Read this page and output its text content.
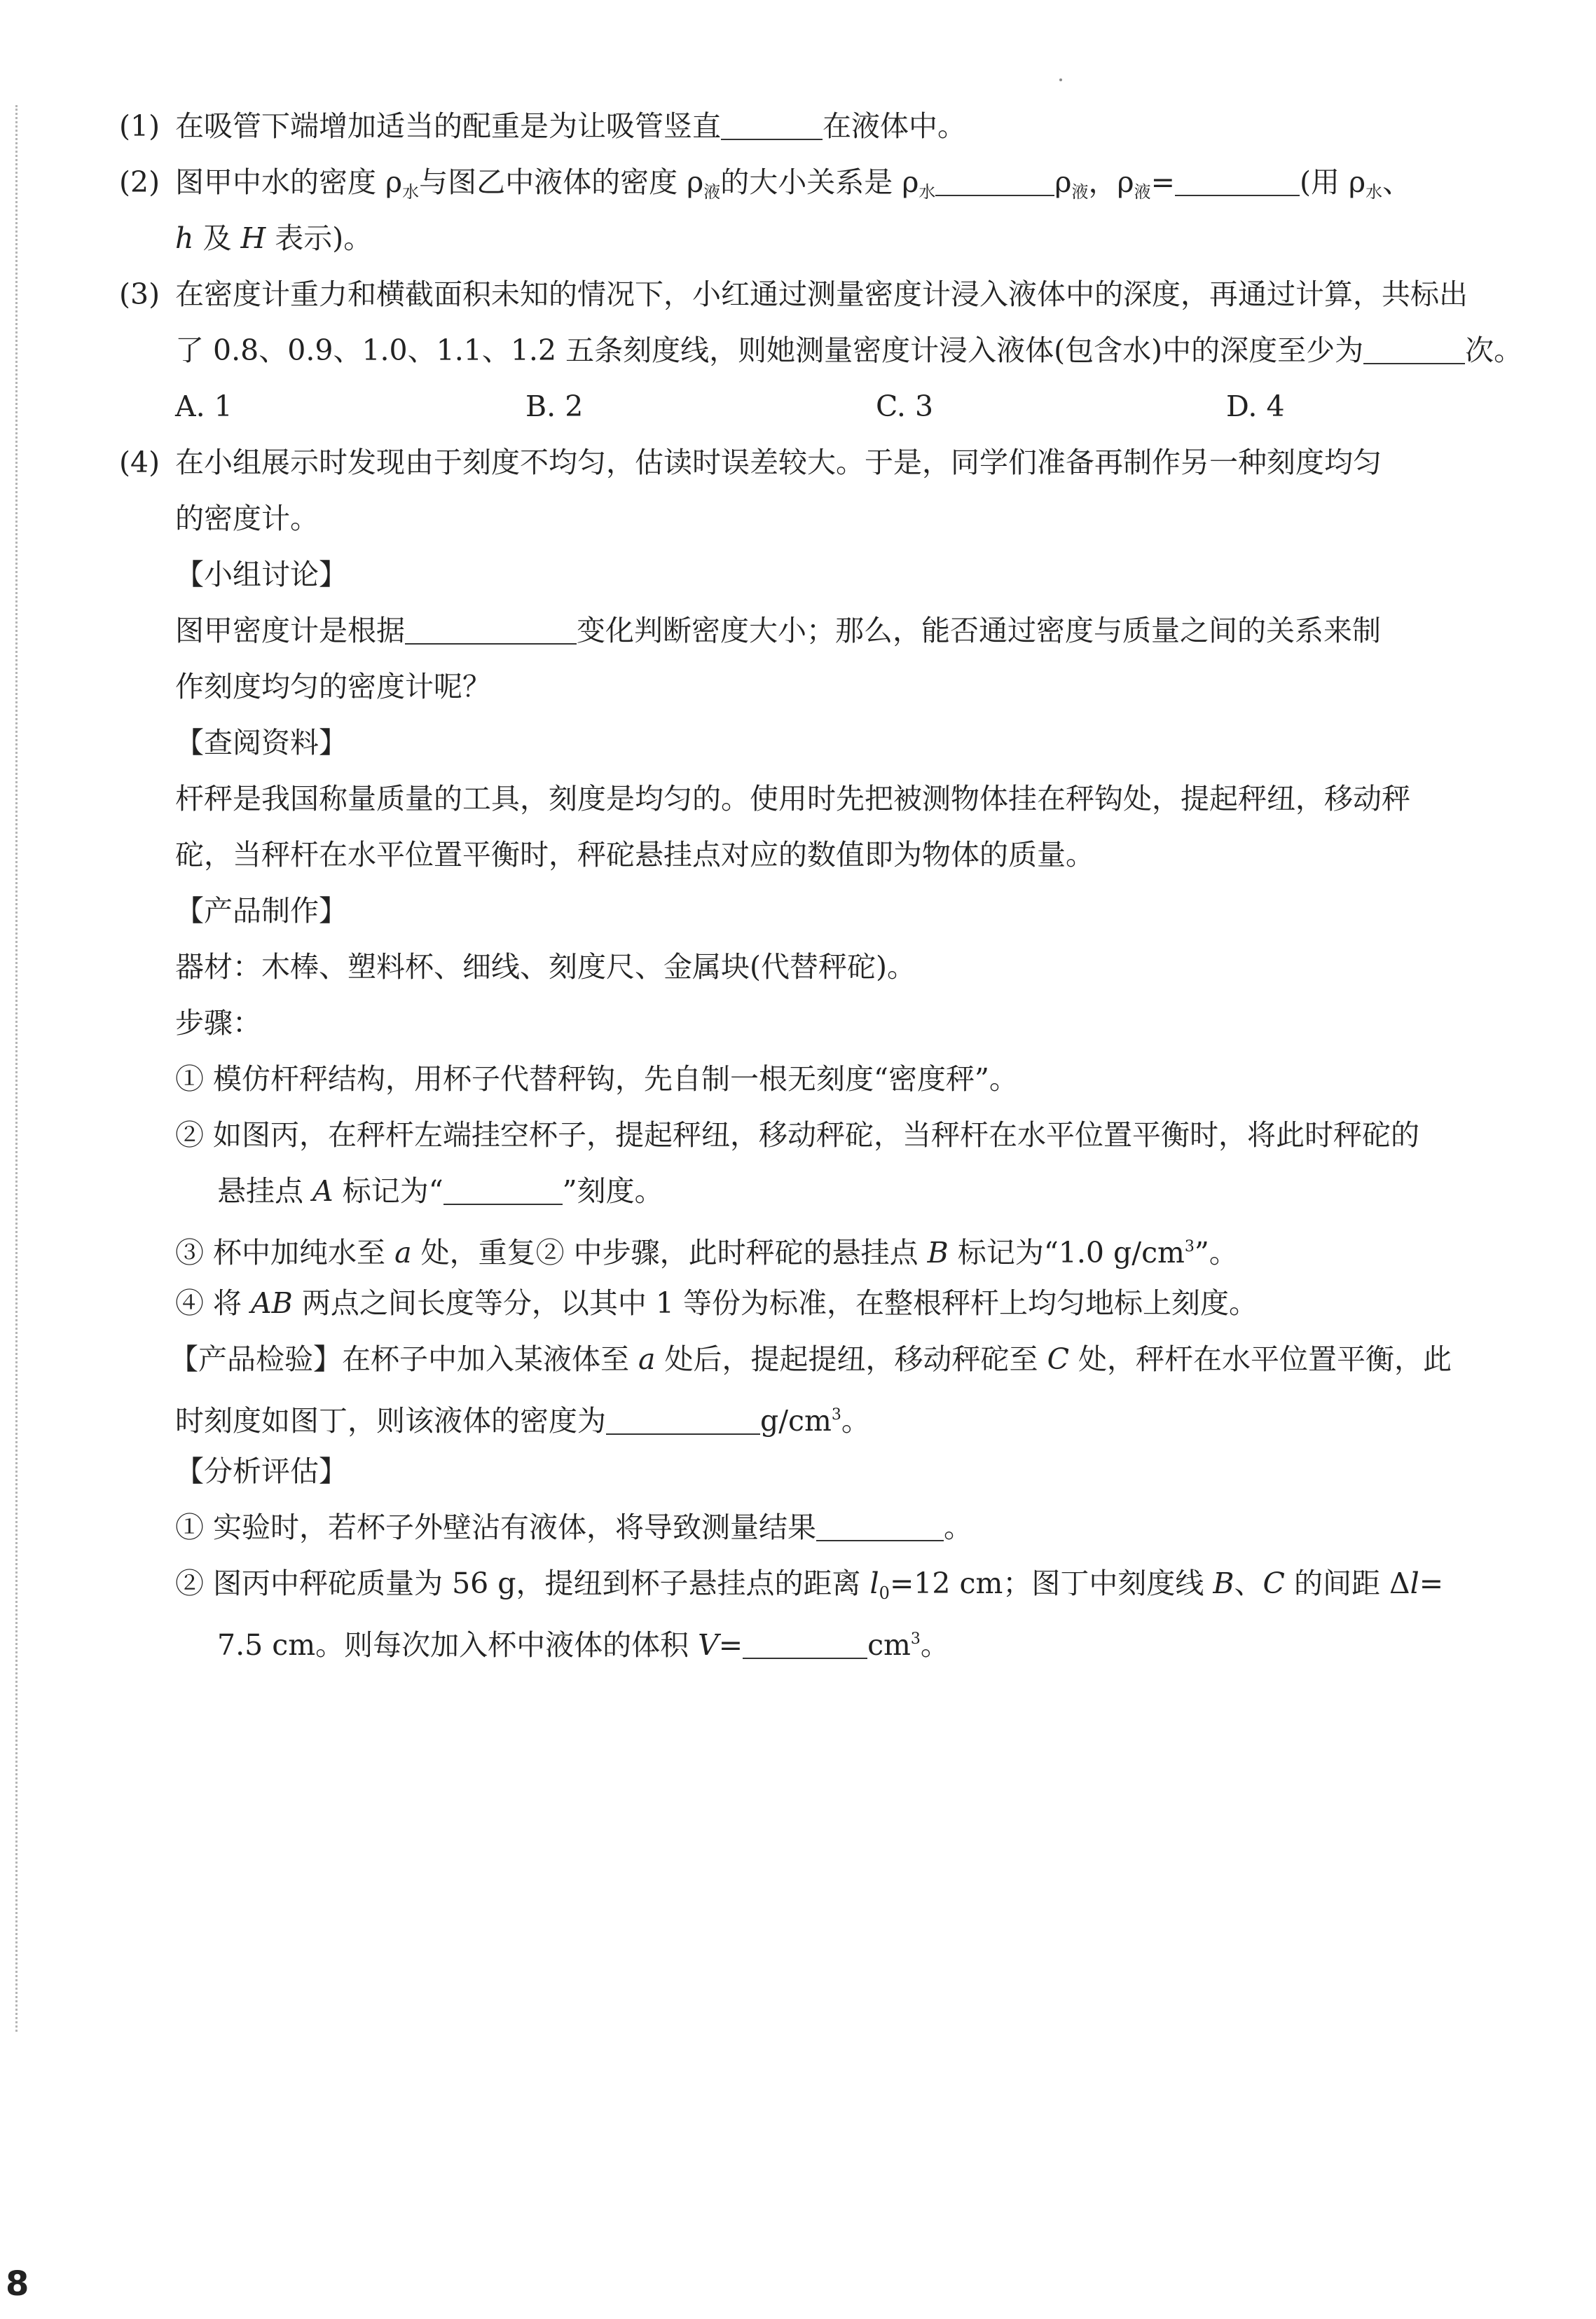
(1) 在吸管下端增加适当的配重是为让吸管竖直	在液体中。
(2) 图甲中水的密度 $\rho_水$与图乙中液体的密度 $\rho_液$的大小关系是 $\rho_水$	$\rho_液$，$\rho_液=$	(用 $\rho_水$、
h 及 H 表示)。
(3) 在密度计重力和横截面积未知的情况下，小红通过测量密度计浸入液体中的深度，再通过计算，共标出
了 0.8、0.9、1.0、1.1、1.2 五条刻度线，则她测量密度计浸入液体(包含水)中的深度至少为	次。
A. 1	B. 2	C. 3	D. 4
(4) 在小组展示时发现由于刻度不均匀，估读时误差较大。于是，同学们准备再制作另一种刻度均匀
的密度计。
【小组讨论】
图甲密度计是根据	变化判断密度大小；那么，能否通过密度与质量之间的关系来制
作刻度均匀的密度计呢？
【查阅资料】
杆秤是我国称量质量的工具，刻度是均匀的。使用时先把被测物体挂在秤钩处，提起秤纽，移动秤
砣，当秤杆在水平位置平衡时，秤砣悬挂点对应的数值即为物体的质量。
【产品制作】
器材：木棒、塑料杯、细线、刻度尺、金属块(代替秤砣)。
步骤：
① 模仿杆秤结构，用杯子代替秤钩，先自制一根无刻度“密度秤”。
② 如图丙，在秤杆左端挂空杯子，提起秤纽，移动秤砣，当秤杆在水平位置平衡时，将此时秤砣的
悬挂点 A 标记为“	”刻度。
③ 杯中加纯水至 a 处，重复② 中步骤，此时秤砣的悬挂点 B 标记为“1.0 $g/cm^3$”。
④ 将 AB 两点之间长度等分，以其中 1 等份为标准，在整根秤杆上均匀地标上刻度。
【产品检验】在杯子中加入某液体至 a 处后，提起提纽，移动秤砣至 C 处，秤杆在水平位置平衡，此
时刻度如图丁，则该液体的密度为	$g/cm^3$。
【分析评估】
① 实验时，若杯子外壁沾有液体，将导致测量结果	。
② 图丙中秤砣质量为 56 g，提纽到杯子悬挂点的距离 $l_0=12$ cm；图丁中刻度线 B、C 的间距 Δl=
7.5 cm。则每次加入杯中液体的体积 V=	$cm^3$。
8
